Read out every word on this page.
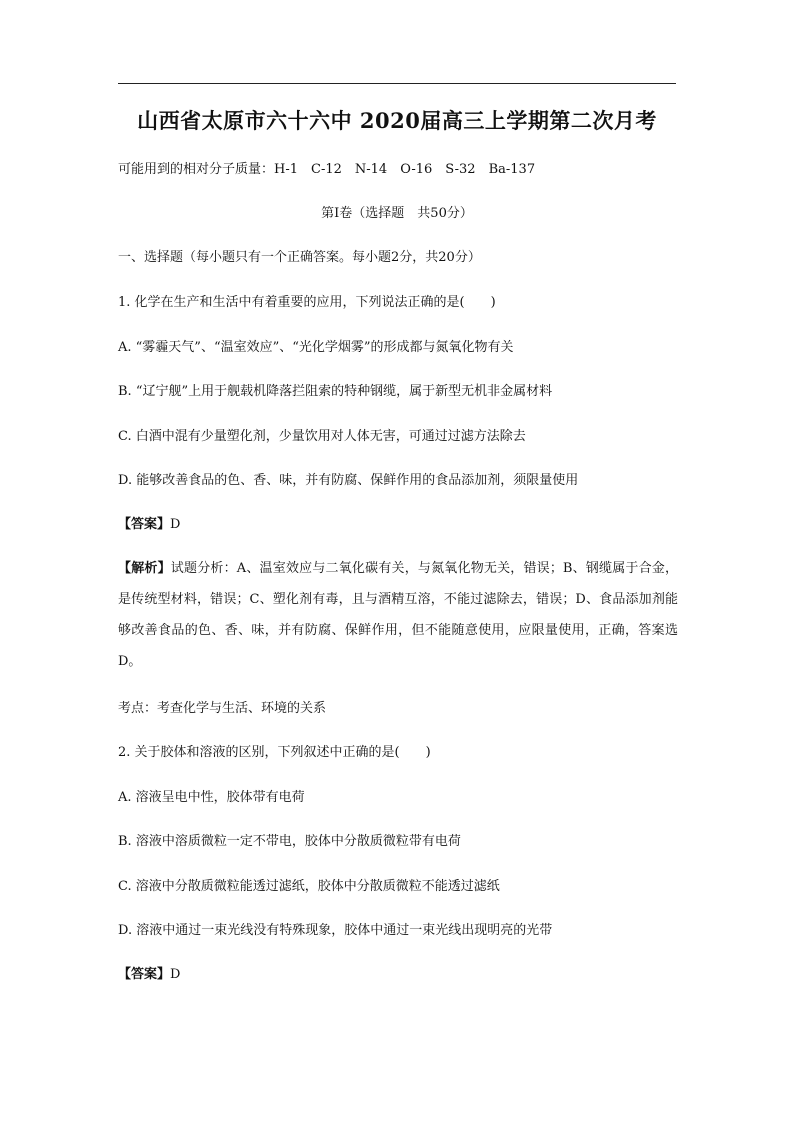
山西省太原市六十六中 2020届高三上学期第二次月考
可能用到的相对分子质量：H-1　C-12　N-14　O-16　S-32　Ba-137
第Ⅰ卷（选择题　共50分）
一、选择题（每小题只有一个正确答案。每小题2分，共20分）
1. 化学在生产和生活中有着重要的应用，下列说法正确的是(　　)
A. “雾霾天气”、“温室效应”、“光化学烟雾”的形成都与氮氧化物有关
B. “辽宁舰”上用于舰载机降落拦阻索的特种钢缆，属于新型无机非金属材料
C. 白酒中混有少量塑化剂，少量饮用对人体无害，可通过过滤方法除去
D. 能够改善食品的色、香、味，并有防腐、保鲜作用的食品添加剂，须限量使用
【答案】D
【解析】试题分析：A、温室效应与二氧化碳有关，与氮氧化物无关，错误；B、钢缆属于合金，是传统型材料，错误；C、塑化剂有毒，且与酒精互溶，不能过滤除去，错误；D、食品添加剂能够改善食品的色、香、味，并有防腐、保鲜作用，但不能随意使用，应限量使用，正确，答案选D。
考点：考查化学与生活、环境的关系
2. 关于胶体和溶液的区别，下列叙述中正确的是(　　)
A. 溶液呈电中性，胶体带有电荷
B. 溶液中溶质微粒一定不带电，胶体中分散质微粒带有电荷
C. 溶液中分散质微粒能透过滤纸，胶体中分散质微粒不能透过滤纸
D. 溶液中通过一束光线没有特殊现象，胶体中通过一束光线出现明亮的光带
【答案】D
